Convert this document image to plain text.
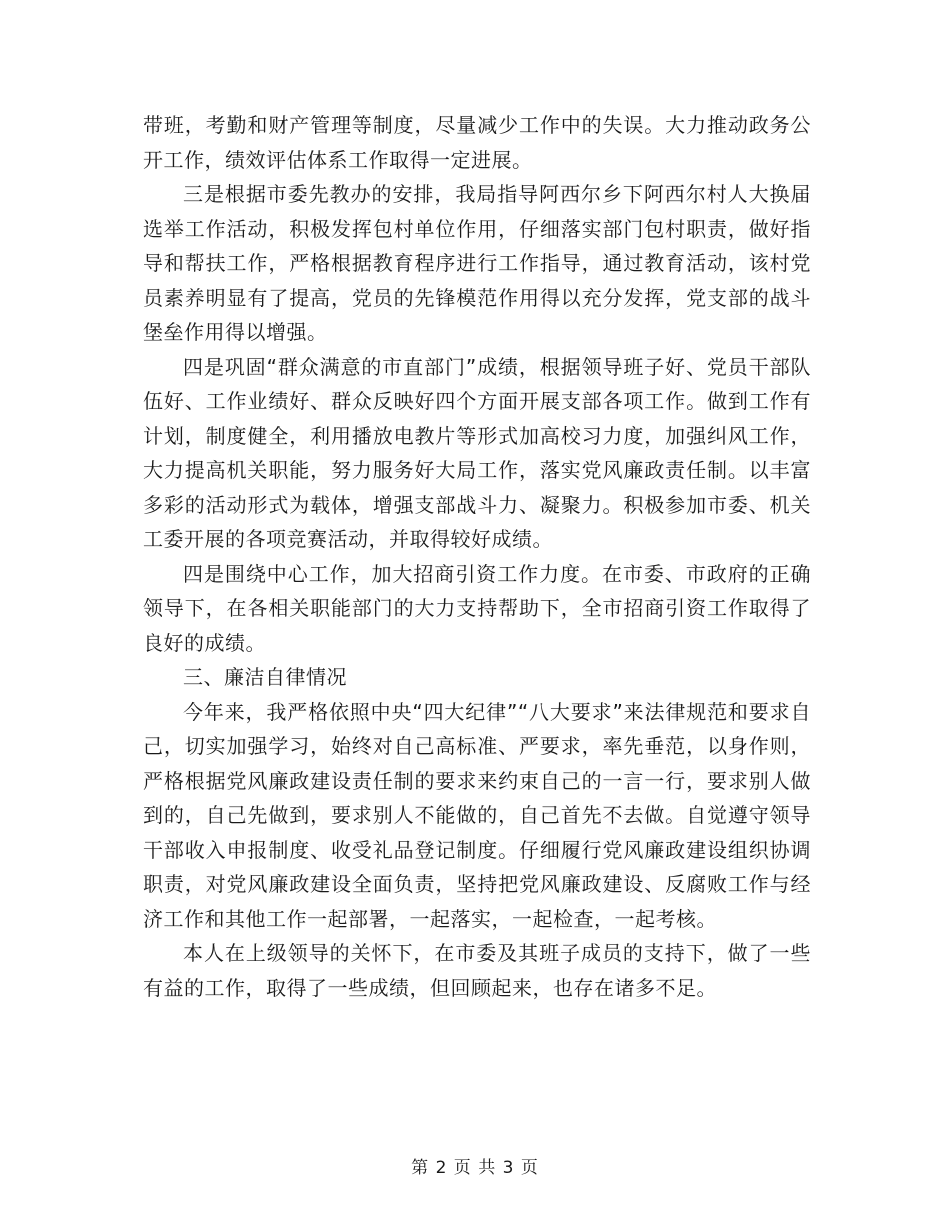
带班，考勤和财产管理等制度，尽量减少工作中的失误。大力推动政务公开工作，绩效评估体系工作取得一定进展。

三是根据市委先教办的安排，我局指导阿西尔乡下阿西尔村人大换届选举工作活动，积极发挥包村单位作用，仔细落实部门包村职责，做好指导和帮扶工作，严格根据教育程序进行工作指导，通过教育活动，该村党员素养明显有了提高，党员的先锋模范作用得以充分发挥，党支部的战斗堡垒作用得以增强。

四是巩固“群众满意的市直部门”成绩，根据领导班子好、党员干部队伍好、工作业绩好、群众反映好四个方面开展支部各项工作。做到工作有计划，制度健全，利用播放电教片等形式加高校习力度，加强纠风工作，大力提高机关职能，努力服务好大局工作，落实党风廉政责任制。以丰富多彩的活动形式为载体，增强支部战斗力、凝聚力。积极参加市委、机关工委开展的各项竞赛活动，并取得较好成绩。

四是围绕中心工作，加大招商引资工作力度。在市委、市政府的正确领导下，在各相关职能部门的大力支持帮助下，全市招商引资工作取得了良好的成绩。

三、廉洁自律情况

今年来，我严格依照中央“四大纪律”“八大要求”来法律规范和要求自己，切实加强学习，始终对自己高标准、严要求，率先垂范，以身作则，严格根据党风廉政建设责任制的要求来约束自己的一言一行，要求别人做到的，自己先做到，要求别人不能做的，自己首先不去做。自觉遵守领导干部收入申报制度、收受礼品登记制度。仔细履行党风廉政建设组织协调职责，对党风廉政建设全面负责，坚持把党风廉政建设、反腐败工作与经济工作和其他工作一起部署，一起落实，一起检查，一起考核。

本人在上级领导的关怀下，在市委及其班子成员的支持下，做了一些有益的工作，取得了一些成绩，但回顾起来，也存在诸多不足。

第 2 页 共 3 页
